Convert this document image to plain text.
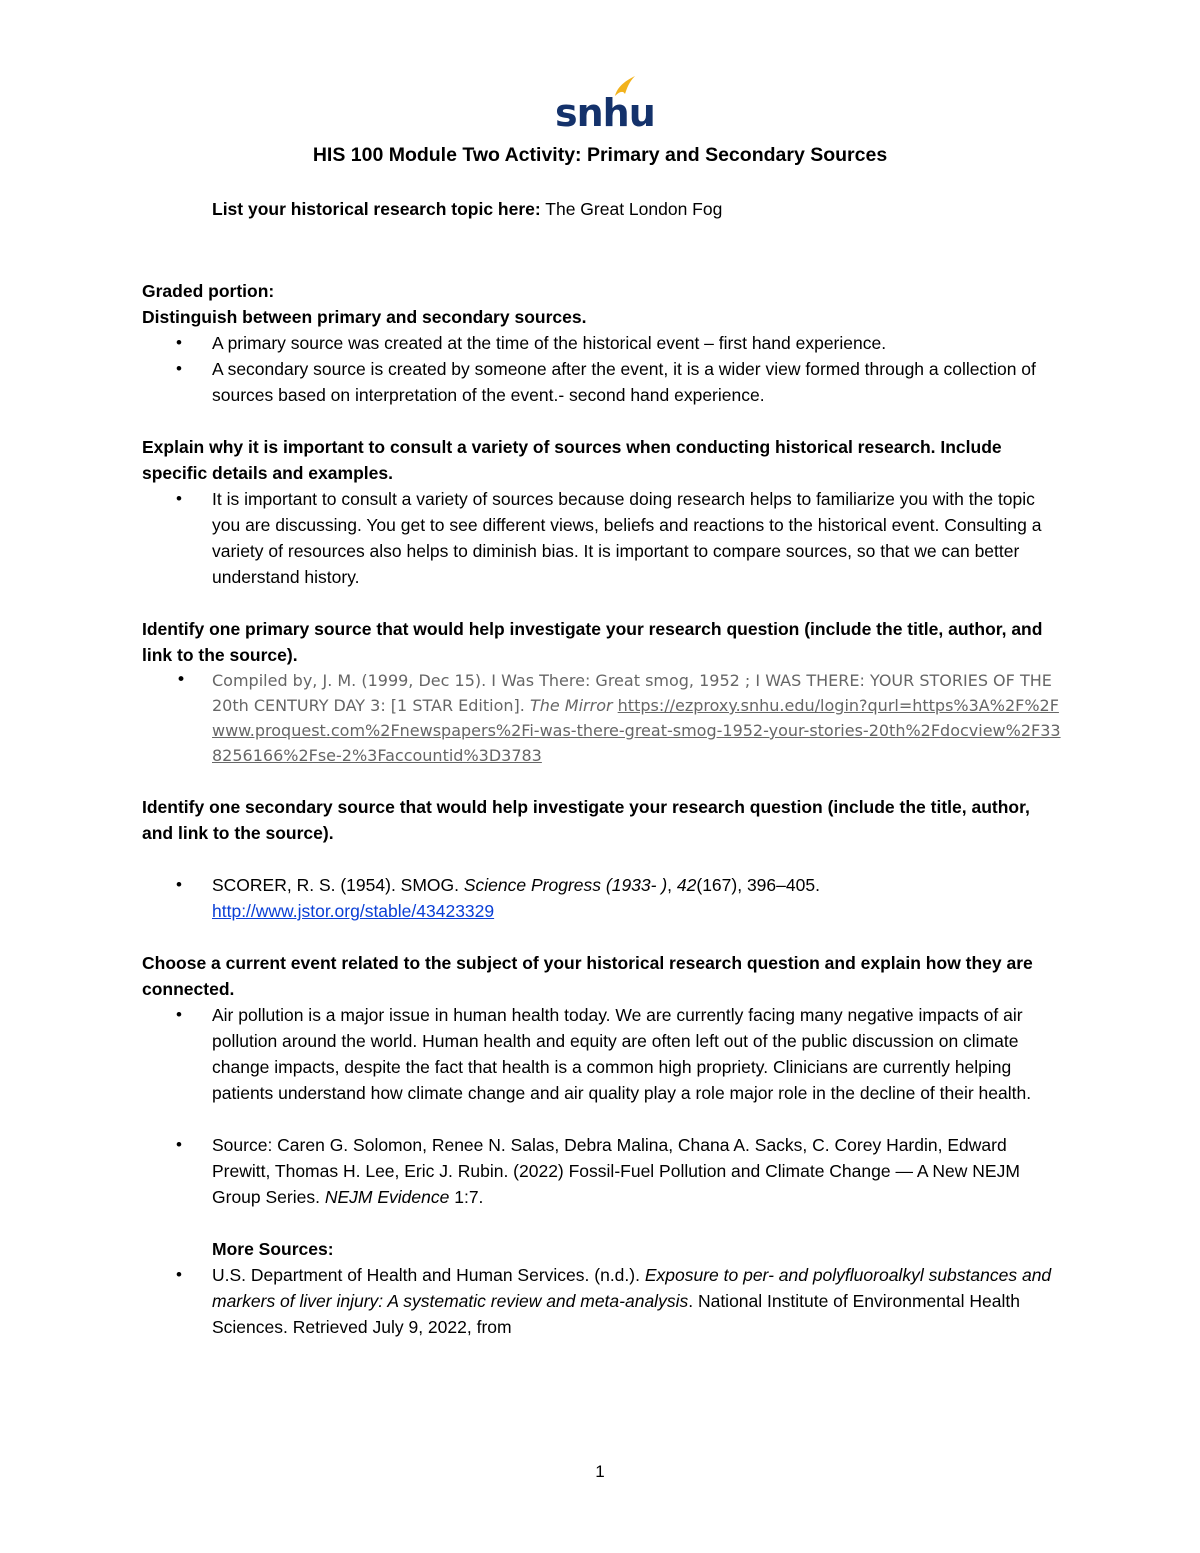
snhu
HIS 100 Module Two Activity: Primary and Secondary Sources
List your historical research topic here: The Great London Fog

Graded portion:

Distinguish between primary and secondary sources.

• A primary source was created at the time of the historical event – first hand experience.
• A secondary source is created by someone after the event, it is a wider view formed through a collection of sources based on interpretation of the event.- second hand experience.

Explain why it is important to consult a variety of sources when conducting historical research. Include specific details and examples.

• It is important to consult a variety of sources because doing research helps to familiarize you with the topic you are discussing. You get to see different views, beliefs and reactions to the historical event. Consulting a variety of resources also helps to diminish bias. It is important to compare sources, so that we can better understand history.

Identify one primary source that would help investigate your research question (include the title, author, and link to the source).

• Compiled by, J. M. (1999, Dec 15). I Was There: Great smog, 1952 ; I WAS THERE: YOUR STORIES OF THE 20th CENTURY DAY 3: [1 STAR Edition]. The Mirror https://ezproxy.snhu.edu/login?qurl=https%3A%2F%2Fwww.proquest.com%2Fnewspapers%2Fi-was-there-great-smog-1952-your-stories-20th%2Fdocview%2F338256166%2Fse-2%3Faccountid%3D3783

Identify one secondary source that would help investigate your research question (include the title, author, and link to the source).

• SCORER, R. S. (1954). SMOG. Science Progress (1933- ), 42(167), 396–405.
http://www.jstor.org/stable/43423329

Choose a current event related to the subject of your historical research question and explain how they are connected.

• Air pollution is a major issue in human health today. We are currently facing many negative impacts of air pollution around the world. Human health and equity are often left out of the public discussion on climate change impacts, despite the fact that health is a common high propriety. Clinicians are currently helping patients understand how climate change and air quality play a role major role in the decline of their health.
• Source: Caren G. Solomon, Renee N. Salas, Debra Malina, Chana A. Sacks, C. Corey Hardin, Edward Prewitt, Thomas H. Lee, Eric J. Rubin. (2022) Fossil-Fuel Pollution and Climate Change — A New NEJM Group Series. NEJM Evidence 1:7.

More Sources:

• U.S. Department of Health and Human Services. (n.d.). Exposure to per- and polyfluoroalkyl substances and markers of liver injury: A systematic review and meta-analysis. National Institute of Environmental Health Sciences. Retrieved July 9, 2022, from
1
